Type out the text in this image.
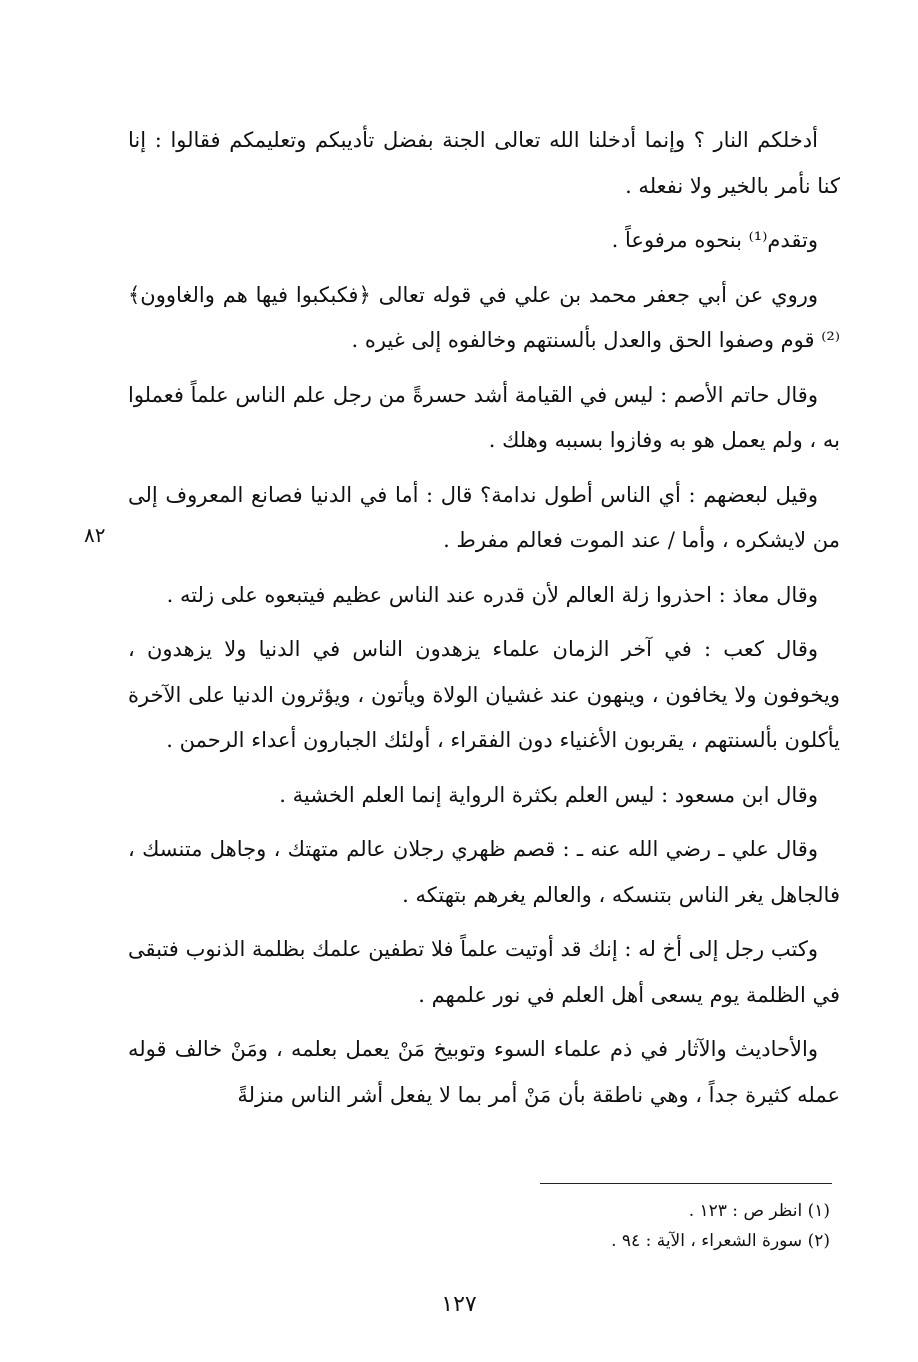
أدخلكم النار ؟ وإنما أدخلنا الله تعالى الجنة بفضل تأديبكم وتعليمكم فقالوا : إنا كنا نأمر بالخير ولا نفعله .

وتقدم⁽¹⁾ بنحوه مرفوعاً .

وروي عن أبي جعفر محمد بن علي في قوله تعالى ﴿فكبكبوا فيها هم والغاوون﴾ ⁽²⁾ قوم وصفوا الحق والعدل بألسنتهم وخالفوه إلى غيره .

وقال حاتم الأصم : ليس في القيامة أشد حسرةً من رجل علم الناس علماً فعملوا به ، ولم يعمل هو به وفازوا بسببه وهلك .

وقيل لبعضهم : أي الناس أطول ندامة؟ قال : أما في الدنيا فصانع المعروف إلى من لايشكره ، وأما / عند الموت فعالم مفرط .

وقال معاذ : احذروا زلة العالم لأن قدره عند الناس عظيم فيتبعوه على زلته .

وقال كعب : في آخر الزمان علماء يزهدون الناس في الدنيا ولا يزهدون ، ويخوفون ولا يخافون ، وينهون عند غشيان الولاة ويأتون ، ويؤثرون الدنيا على الآخرة يأكلون بألسنتهم ، يقربون الأغنياء دون الفقراء ، أولئك الجبارون أعداء الرحمن .

وقال ابن مسعود : ليس العلم بكثرة الرواية إنما العلم الخشية .

وقال علي ـ رضي الله عنه ـ : قصم ظهري رجلان عالم متهتك ، وجاهل متنسك ، فالجاهل يغر الناس بتنسكه ، والعالم يغرهم بتهتكه .

وكتب رجل إلى أخ له : إنك قد أوتيت علماً فلا تطفين علمك بظلمة الذنوب فتبقى في الظلمة يوم يسعى أهل العلم في نور علمهم .

والأحاديث والآثار في ذم علماء السوء وتوبيخ مَنْ يعمل بعلمه ، ومَنْ خالف قوله عمله كثيرة جداً ، وهي ناطقة بأن مَنْ أمر بما لا يفعل أشر الناس منزلةً

٨٢

(١) انظر ص : ١٢٣ .

(٢) سورة الشعراء ، الآية : ٩٤ .

١٢٧
